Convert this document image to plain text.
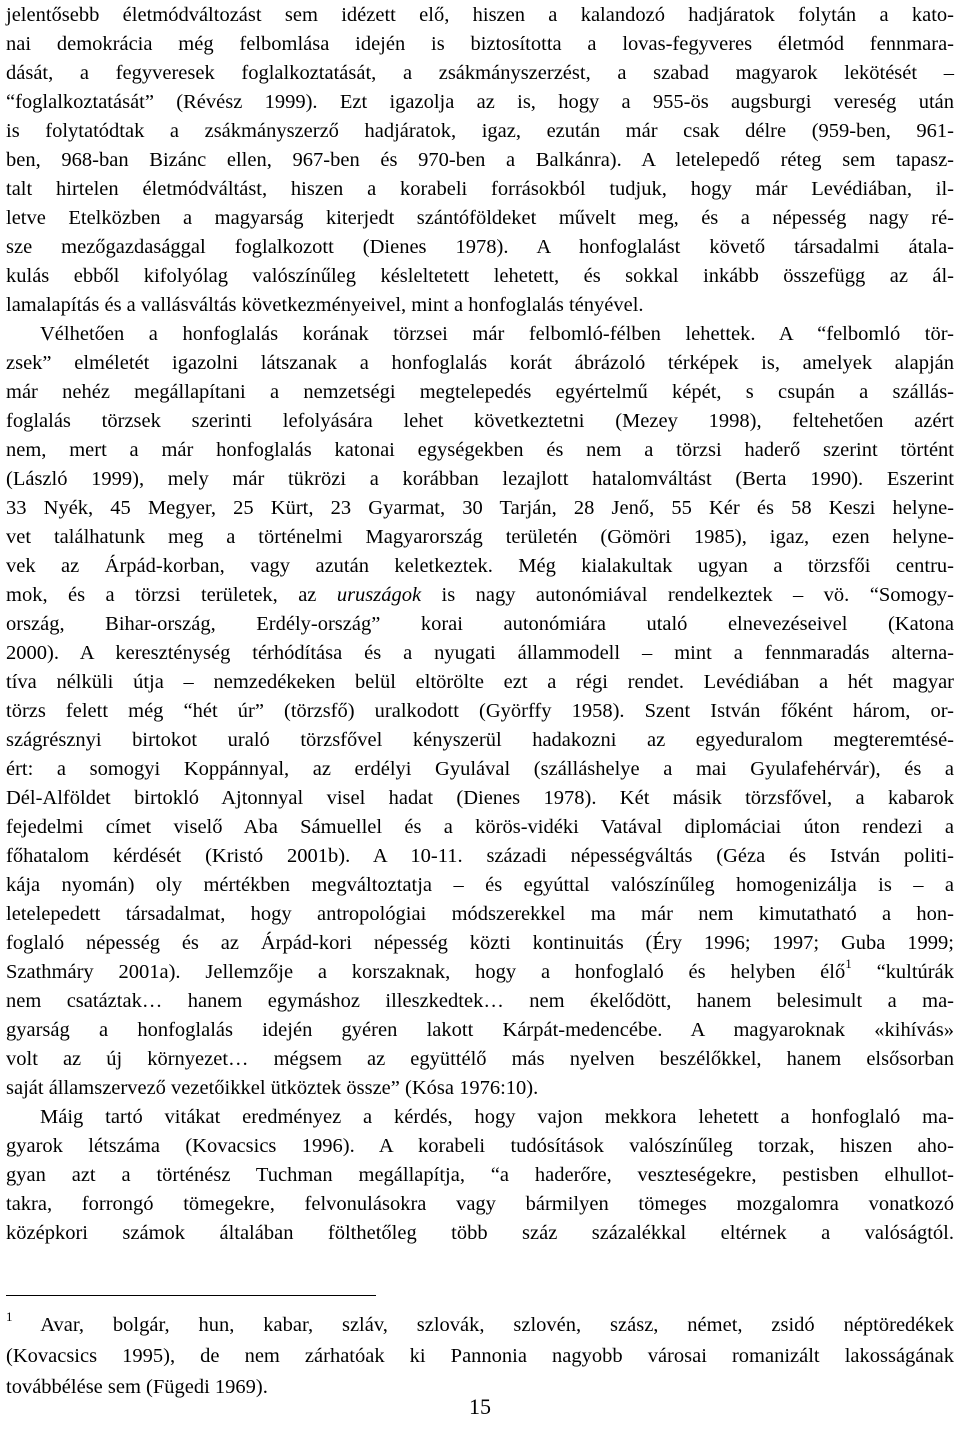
jelentősebb életmódváltozást sem idézett elő, hiszen a kalandozó hadjáratok folytán a kato-
nai demokrácia még felbomlása idején is biztosította a lovas-fegyveres életmód fennmara-
dását, a fegyveresek foglalkoztatását, a zsákmányszerzést, a szabad magyarok lekötését –
“foglalkoztatását” (Révész 1999). Ezt igazolja az is, hogy a 955-ös augsburgi vereség után
is folytatódtak a zsákmányszerző hadjáratok, igaz, ezután már csak délre (959-ben, 961-
ben, 968-ban Bizánc ellen, 967-ben és 970-ben a Balkánra). A letelepedő réteg sem tapasz-
talt hirtelen életmódváltást, hiszen a korabeli forrásokból tudjuk, hogy már Levédiában, il-
letve Etelközben a magyarság kiterjedt szántóföldeket művelt meg, és a népesség nagy ré-
sze mezőgazdasággal foglalkozott (Dienes 1978). A honfoglalást követő társadalmi átala-
kulás ebből kifolyólag valószínűleg késleltetett lehetett, és sokkal inkább összefügg az ál-
lamalapítás és a vallásváltás következményeivel, mint a honfoglalás tényével.
Vélhetően a honfoglalás korának törzsei már felbomló-félben lehettek. A “felbomló tör-
zsek” elméletét igazolni látszanak a honfoglalás korát ábrázoló térképek is, amelyek alapján
már nehéz megállapítani a nemzetségi megtelepedés egyértelmű képét, s csupán a szállás-
foglalás törzsek szerinti lefolyására lehet következtetni (Mezey 1998), feltehetően azért
nem, mert a már honfoglalás katonai egységekben és nem a törzsi haderő szerint történt
(László 1999), mely már tükrözi a korábban lezajlott hatalomváltást (Berta 1990). Eszerint
33 Nyék, 45 Megyer, 25 Kürt, 23 Gyarmat, 30 Tarján, 28 Jenő, 55 Kér és 58 Keszi helyne-
vet találhatunk meg a történelmi Magyarország területén (Gömöri 1985), igaz, ezen helyne-
vek az Árpád-korban, vagy azután keletkeztek. Még kialakultak ugyan a törzsfői centru-
mok, és a törzsi területek, az uruszágok is nagy autonómiával rendelkeztek – vö. “Somogy-
ország, Bihar-ország, Erdély-ország” korai autonómiára utaló elnevezéseivel (Katona
2000). A kereszténység térhódítása és a nyugati állammodell – mint a fennmaradás alterna-
tíva nélküli útja – nemzedékeken belül eltörölte ezt a régi rendet. Levédiában a hét magyar
törzs felett még “hét úr” (törzsfő) uralkodott (Györffy 1958). Szent István főként három, or-
szágrésznyi birtokot uraló törzsfővel kényszerül hadakozni az egyeduralom megteremtésé-
ért: a somogyi Koppánnyal, az erdélyi Gyulával (szálláshelye a mai Gyulafehérvár), és a
Dél-Alföldet birtokló Ajtonnyal visel hadat (Dienes 1978). Két másik törzsfővel, a kabarok
fejedelmi címet viselő Aba Sámuellel és a körös-vidéki Vatával diplomáciai úton rendezi a
főhatalom kérdését (Kristó 2001b). A 10-11. századi népességváltás (Géza és István politi-
kája nyomán) oly mértékben megváltoztatja – és egyúttal valószínűleg homogenizálja is – a
letelepedett társadalmat, hogy antropológiai módszerekkel ma már nem kimutatható a hon-
foglaló népesség és az Árpád-kori népesség közti kontinuitás (Éry 1996; 1997; Guba 1999;
Szathmáry 2001a). Jellemzője a korszaknak, hogy a honfoglaló és helyben élő$^1$ “kultúrák
nem csatáztak… hanem egymáshoz illeszkedtek… nem ékelődött, hanem belesimult a ma-
gyarság a honfoglalás idején gyéren lakott Kárpát-medencébe. A magyaroknak «kihívás»
volt az új környezet… mégsem az együttélő más nyelven beszélőkkel, hanem elsősorban
saját államszervező vezetőikkel ütköztek össze” (Kósa 1976:10).
Máig tartó vitákat eredményez a kérdés, hogy vajon mekkora lehetett a honfoglaló ma-
gyarok létszáma (Kovacsics 1996). A korabeli tudósítások valószínűleg torzak, hiszen aho-
gyan azt a történész Tuchman megállapítja, “a haderőre, veszteségekre, pestisben elhullot-
takra, forrongó tömegekre, felvonulásokra vagy bármilyen tömeges mozgalomra vonatkozó
középkori számok általában fölthetőleg több száz százalékkal eltérnek a valóságtól.
$^1$ Avar, bolgár, hun, kabar, szláv, szlovák, szlovén, szász, német, zsidó néptöredékek
(Kovacsics 1995), de nem zárhatóak ki Pannonia nagyobb városai romanizált lakosságának
továbbélése sem (Fügedi 1969).
15
